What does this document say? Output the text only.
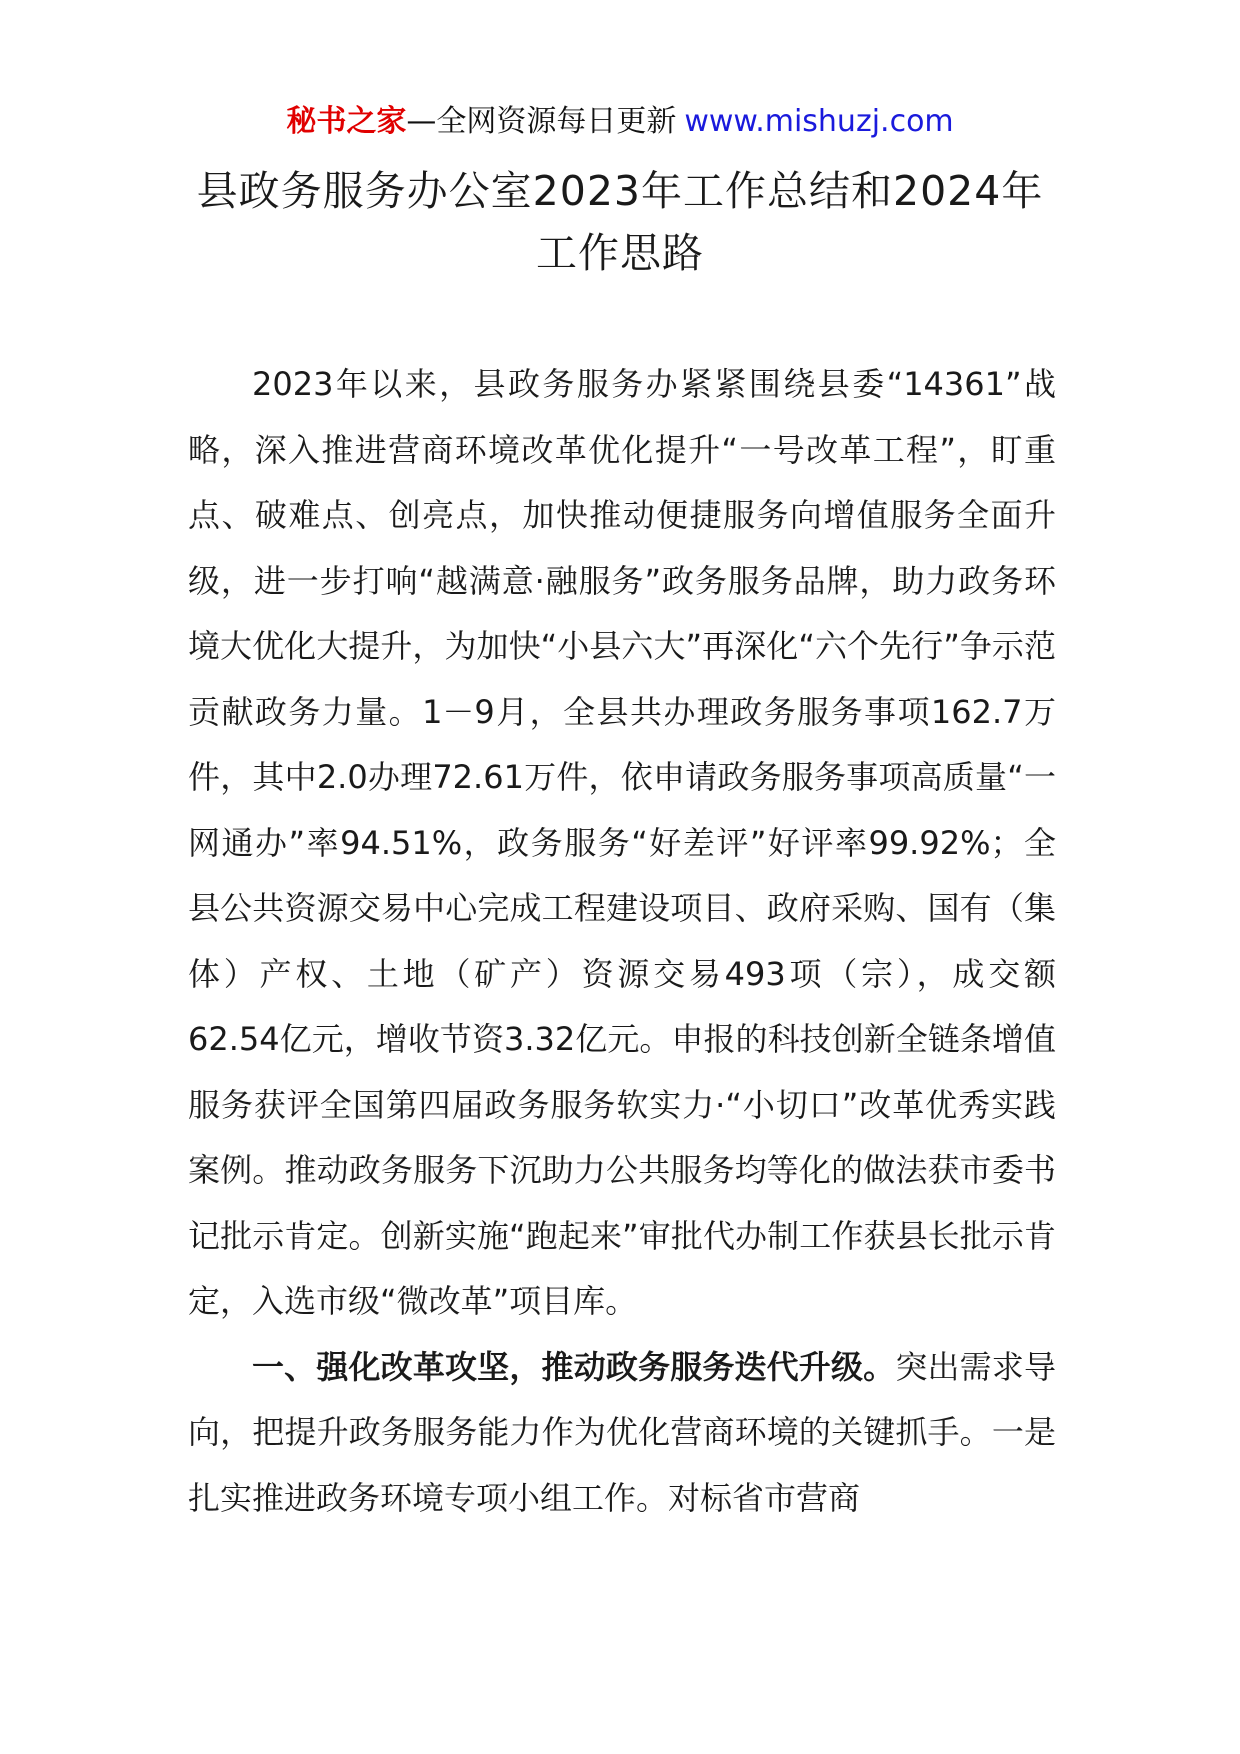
秘书之家—全网资源每日更新 www.mishuzj.com
县政务服务办公室2023年工作总结和2024年
工作思路

2023年以来，县政务服务办紧紧围绕县委“14361”战略，深入推进营商环境改革优化提升“一号改革工程”，盯重点、破难点、创亮点，加快推动便捷服务向增值服务全面升级，进一步打响“越满意·融服务”政务服务品牌，助力政务环境大优化大提升，为加快“小县六大”再深化“六个先行”争示范贡献政务力量。1－9月，全县共办理政务服务事项162.7万件，其中2.0办理72.61万件，依申请政务服务事项高质量“一网通办”率94.51%，政务服务“好差评”好评率99.92%；全县公共资源交易中心完成工程建设项目、政府采购、国有（集体）产权、土地（矿产）资源交易493项（宗），成交额62.54亿元，增收节资3.32亿元。申报的科技创新全链条增值服务获评全国第四届政务服务软实力·“小切口”改革优秀实践案例。推动政务服务下沉助力公共服务均等化的做法获市委书记批示肯定。创新实施“跑起来”审批代办制工作获县长批示肯定，入选市级“微改革”项目库。

一、强化改革攻坚，推动政务服务迭代升级。突出需求导向，把提升政务服务能力作为优化营商环境的关键抓手。一是扎实推进政务环境专项小组工作。对标省市营商
